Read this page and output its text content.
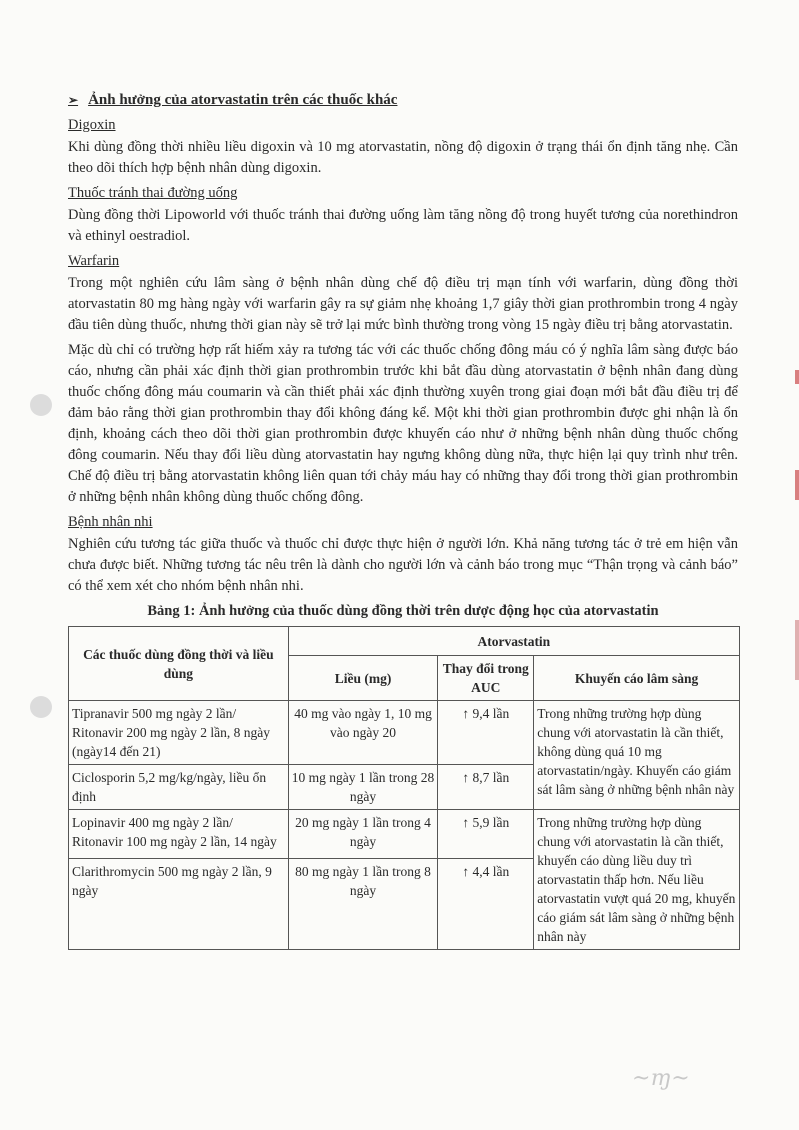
➢ Ảnh hưởng của atorvastatin trên các thuốc khác
Digoxin
Khi dùng đồng thời nhiều liều digoxin và 10 mg atorvastatin, nồng độ digoxin ở trạng thái ổn định tăng nhẹ. Cần theo dõi thích hợp bệnh nhân dùng digoxin.
Thuốc tránh thai đường uống
Dùng đồng thời Lipoworld với thuốc tránh thai đường uống làm tăng nồng độ trong huyết tương của norethindron và ethinyl oestradiol.
Warfarin
Trong một nghiên cứu lâm sàng ở bệnh nhân dùng chế độ điều trị mạn tính với warfarin, dùng đồng thời atorvastatin 80 mg hàng ngày với warfarin gây ra sự giảm nhẹ khoảng 1,7 giây thời gian prothrombin trong 4 ngày đầu tiên dùng thuốc, nhưng thời gian này sẽ trở lại mức bình thường trong vòng 15 ngày điều trị bằng atorvastatin.
Mặc dù chỉ có trường hợp rất hiếm xảy ra tương tác với các thuốc chống đông máu có ý nghĩa lâm sàng được báo cáo, nhưng cần phải xác định thời gian prothrombin trước khi bắt đầu dùng atorvastatin ở bệnh nhân đang dùng thuốc chống đông máu coumarin và cần thiết phải xác định thường xuyên trong giai đoạn mới bắt đầu điều trị để đảm bảo rằng thời gian prothrombin thay đổi không đáng kể. Một khi thời gian prothrombin được ghi nhận là ổn định, khoảng cách theo dõi thời gian prothrombin được khuyến cáo như ở những bệnh nhân dùng thuốc chống đông coumarin. Nếu thay đổi liều dùng atorvastatin hay ngưng không dùng nữa, thực hiện lại quy trình như trên. Chế độ điều trị bằng atorvastatin không liên quan tới chảy máu hay có những thay đổi trong thời gian prothrombin ở những bệnh nhân không dùng thuốc chống đông.
Bệnh nhân nhi
Nghiên cứu tương tác giữa thuốc và thuốc chỉ được thực hiện ở người lớn. Khả năng tương tác ở trẻ em hiện vẫn chưa được biết. Những tương tác nêu trên là dành cho người lớn và cảnh báo trong mục “Thận trọng và cảnh báo” có thể xem xét cho nhóm bệnh nhân nhi.
Bảng 1: Ảnh hưởng của thuốc dùng đồng thời trên dược động học của atorvastatin
Các thuốc dùng đồng thời và liều dùng	Atorvastatin		
	Liều (mg)	Thay đổi trong AUC	Khuyến cáo lâm sàng
Tipranavir 500 mg ngày 2 lần/ Ritonavir 200 mg ngày 2 lần, 8 ngày (ngày14 đến 21)	40 mg vào ngày 1, 10 mg vào ngày 20	↑ 9,4 lần	Trong những trường hợp dùng chung với atorvastatin là cần thiết, không dùng quá 10 mg atorvastatin/ngày. Khuyến cáo giám sát lâm sàng ở những bệnh nhân này
Ciclosporin 5,2 mg/kg/ngày, liều ổn định	10 mg ngày 1 lần trong 28 ngày	↑ 8,7 lần	
Lopinavir 400 mg ngày 2 lần/ Ritonavir 100 mg ngày 2 lần, 14 ngày	20 mg ngày 1 lần trong 4 ngày	↑ 5,9 lần	Trong những trường hợp dùng chung với atorvastatin là cần thiết, khuyến cáo dùng liều duy trì atorvastatin thấp hơn. Nếu liều atorvastatin vượt quá 20 mg, khuyến cáo giám sát lâm sàng ở những bệnh nhân này
Clarithromycin 500 mg ngày 2 lần, 9 ngày	80 mg ngày 1 lần trong 8 ngày	↑ 4,4 lần	
~ɱ~
